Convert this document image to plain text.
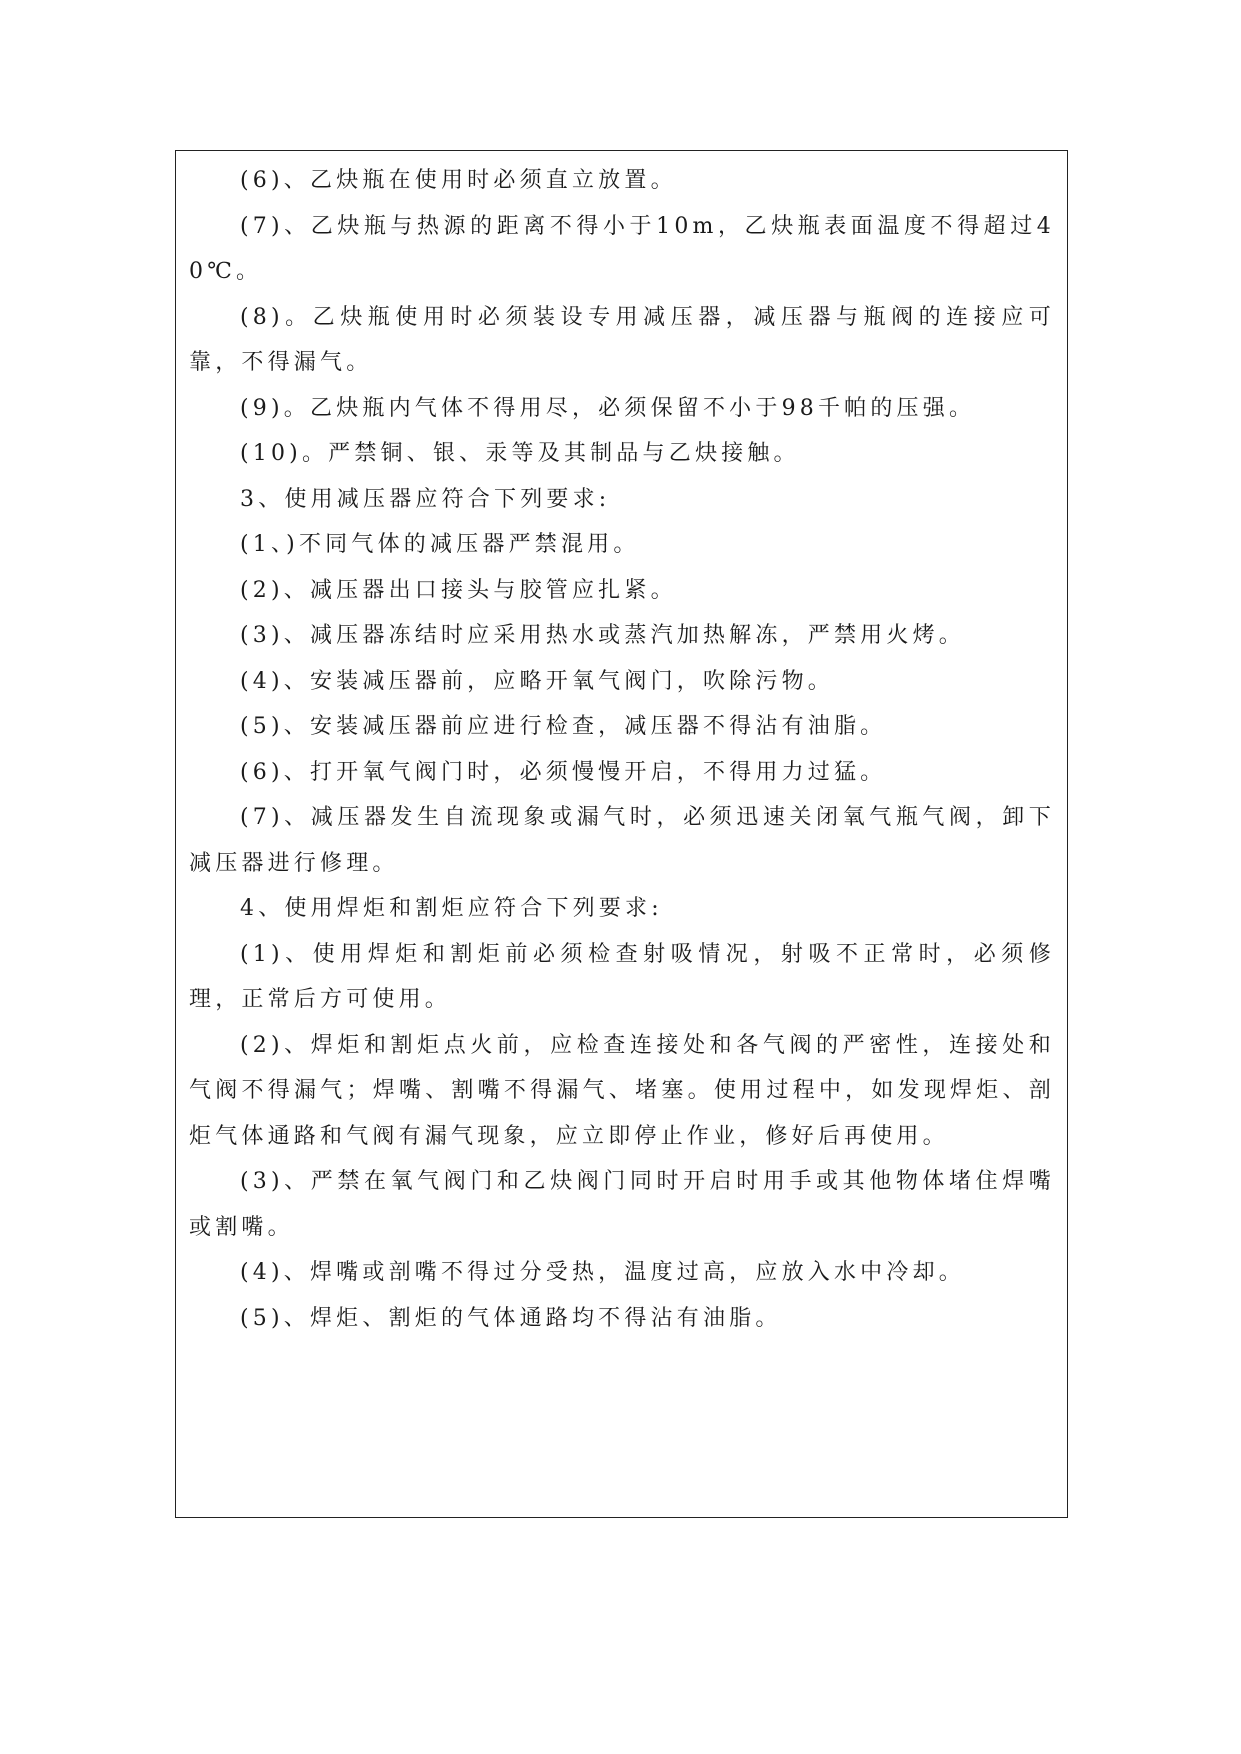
(6)、乙炔瓶在使用时必须直立放置。

(7)、乙炔瓶与热源的距离不得小于10m，乙炔瓶表面温度不得超过40℃。

(8)。乙炔瓶使用时必须装设专用减压器，减压器与瓶阀的连接应可靠，不得漏气。

(9)。乙炔瓶内气体不得用尽，必须保留不小于98千帕的压强。

(10)。严禁铜、银、汞等及其制品与乙炔接触。

3、使用减压器应符合下列要求:

(1、)不同气体的减压器严禁混用。

(2)、减压器出口接头与胶管应扎紧。

(3)、减压器冻结时应采用热水或蒸汽加热解冻，严禁用火烤。

(4)、安装减压器前，应略开氧气阀门，吹除污物。

(5)、安装减压器前应进行检查，减压器不得沾有油脂。

(6)、打开氧气阀门时，必须慢慢开启，不得用力过猛。

(7)、减压器发生自流现象或漏气时，必须迅速关闭氧气瓶气阀，卸下减压器进行修理。

4、使用焊炬和割炬应符合下列要求:

(1)、使用焊炬和割炬前必须检查射吸情况，射吸不正常时，必须修理，正常后方可使用。

(2)、焊炬和割炬点火前，应检查连接处和各气阀的严密性，连接处和气阀不得漏气；焊嘴、割嘴不得漏气、堵塞。使用过程中，如发现焊炬、剖炬气体通路和气阀有漏气现象，应立即停止作业，修好后再使用。

(3)、严禁在氧气阀门和乙炔阀门同时开启时用手或其他物体堵住焊嘴或割嘴。

(4)、焊嘴或剖嘴不得过分受热，温度过高，应放入水中冷却。

(5)、焊炬、割炬的气体通路均不得沾有油脂。
